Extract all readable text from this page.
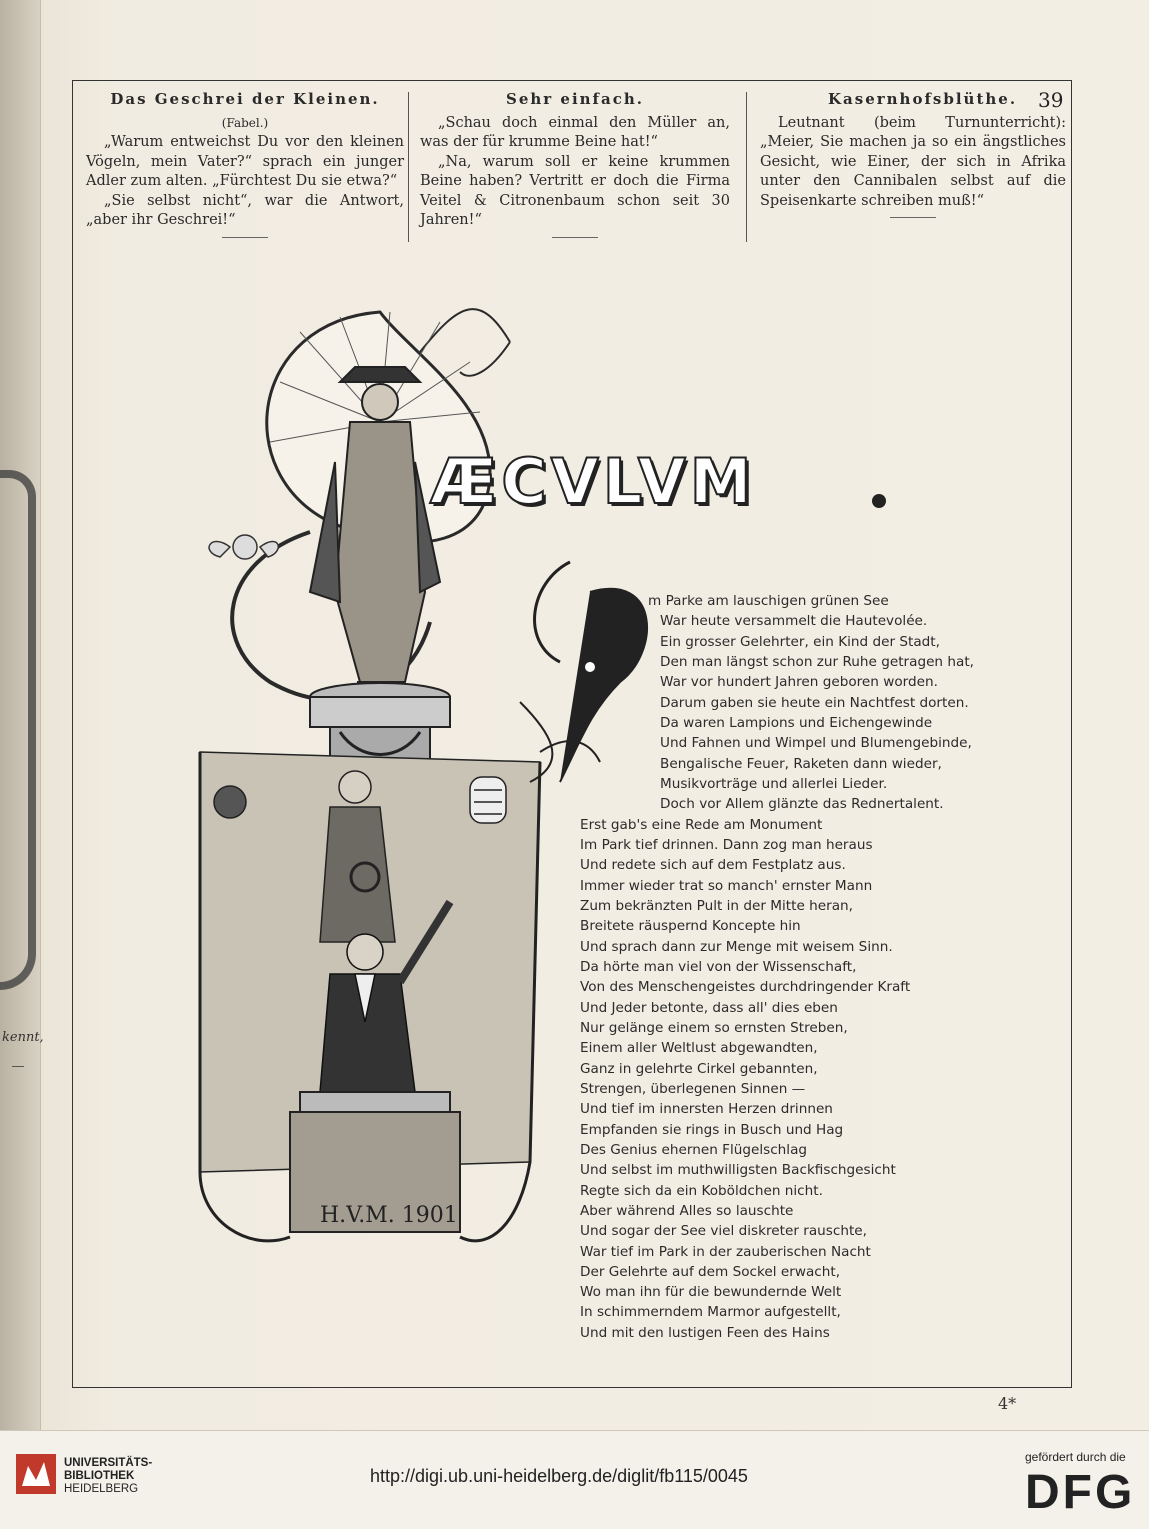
kennt,
Das Geschrei der Kleinen.

(Fabel.)

„Warum entweichst Du vor den kleinen Vögeln, mein Vater?“ sprach ein junger Adler zum alten. „Fürchtest Du sie etwa?“

„Sie selbst nicht“, war die Antwort, „aber ihr Geschrei!“

Sehr einfach.

„Schau doch einmal den Müller an, was der für krumme Beine hat!“

„Na, warum soll er keine krummen Beine haben? Vertritt er doch die Firma Veitel & Citronenbaum schon seit 30 Jahren!“

Kasernhofsblüthe.

Leutnant (beim Turnunterricht): „Meier, Sie machen ja so ein ängstliches Gesicht, wie Einer, der sich in Afrika unter den Cannibalen selbst auf die Speisenkarte schreiben muß!“

39
H.V.M. 1901
ÆCVLVM
m Parke am lauschigen grünen See
War heute versammelt die Hautevolée.
Ein grosser Gelehrter, ein Kind der Stadt,
Den man längst schon zur Ruhe getragen hat,
War vor hundert Jahren geboren worden.
Darum gaben sie heute ein Nachtfest dorten.
Da waren Lampions und Eichengewinde
Und Fahnen und Wimpel und Blumengebinde,
Bengalische Feuer, Raketen dann wieder,
Musikvorträge und allerlei Lieder.
Doch vor Allem glänzte das Rednertalent.
Erst gab's eine Rede am Monument
Im Park tief drinnen. Dann zog man heraus
Und redete sich auf dem Festplatz aus.
Immer wieder trat so manch' ernster Mann
Zum bekränzten Pult in der Mitte heran,
Breitete räuspernd Koncepte hin
Und sprach dann zur Menge mit weisem Sinn.
Da hörte man viel von der Wissenschaft,
Von des Menschengeistes durchdringender Kraft
Und Jeder betonte, dass all' dies eben
Nur gelänge einem so ernsten Streben,
Einem aller Weltlust abgewandten,
Ganz in gelehrte Cirkel gebannten,
Strengen, überlegenen Sinnen —
Und tief im innersten Herzen drinnen
Empfanden sie rings in Busch und Hag
Des Genius ehernen Flügelschlag
Und selbst im muthwilligsten Backfischgesicht
Regte sich da ein Koböldchen nicht.
Aber während Alles so lauschte
Und sogar der See viel diskreter rauschte,
War tief im Park in der zauberischen Nacht
Der Gelehrte auf dem Sockel erwacht,
Wo man ihn für die bewundernde Welt
In schimmerndem Marmor aufgestellt,
Und mit den lustigen Feen des Hains
4*
UNIVERSITÄTS-
BIBLIOTHEK
HEIDELBERG
http://digi.ub.uni-heidelberg.de/diglit/fb115/0045
gefördert durch die
DFG
